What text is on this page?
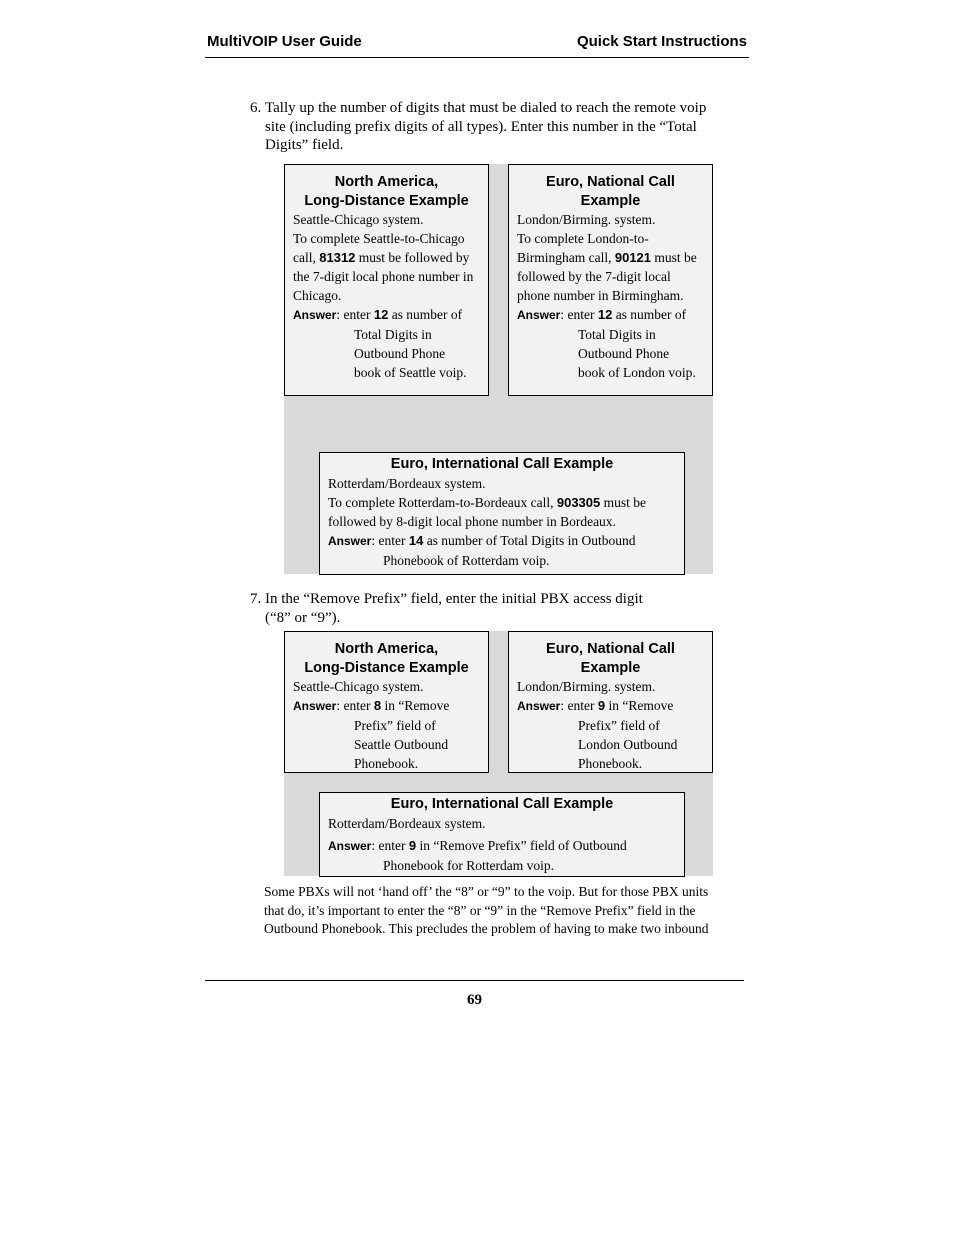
MultiVOIP User Guide	Quick Start Instructions
6. Tally up the number of digits that must be dialed to reach the remote voip
site (including prefix digits of all types). Enter this number in the “Total
Digits” field.
North America,
Long-Distance Example

Seattle-Chicago system.

To complete Seattle-to-Chicago call, 81312 must be followed by the 7-digit local phone number in Chicago.

Answer: enter 12 as number of

Total Digits in

Outbound Phone

book of Seattle voip.

Euro, National Call
Example

London/Birming. system.

To complete London-to-Birmingham call, 90121 must be followed by the 7-digit local phone number in Birmingham.

Answer: enter 12 as number of

Total Digits in

Outbound Phone

book of London voip.

Euro, International Call Example

Rotterdam/Bordeaux system.

To complete Rotterdam-to-Bordeaux call, 903305 must be

followed by 8-digit local phone number in Bordeaux.

Answer: enter 14 as number of Total Digits in Outbound

Phonebook of Rotterdam voip.

7. In the “Remove Prefix” field, enter the initial PBX access digit
(“8” or “9”).
North America,
Long-Distance Example

Seattle-Chicago system.

Answer: enter 8 in “Remove

Prefix” field of

Seattle Outbound

Phonebook.

Euro, National Call
Example

London/Birming. system.

Answer: enter 9 in “Remove

Prefix” field of

London Outbound

Phonebook.

Euro, International Call Example

Rotterdam/Bordeaux system.

Answer: enter 9 in “Remove Prefix” field of Outbound

Phonebook for Rotterdam voip.

Some PBXs will not ‘hand off’ the “8” or “9” to the voip. But for those PBX units
that do, it’s important to enter the “8” or “9” in the “Remove Prefix” field in the
Outbound Phonebook. This precludes the problem of having to make two inbound
69
